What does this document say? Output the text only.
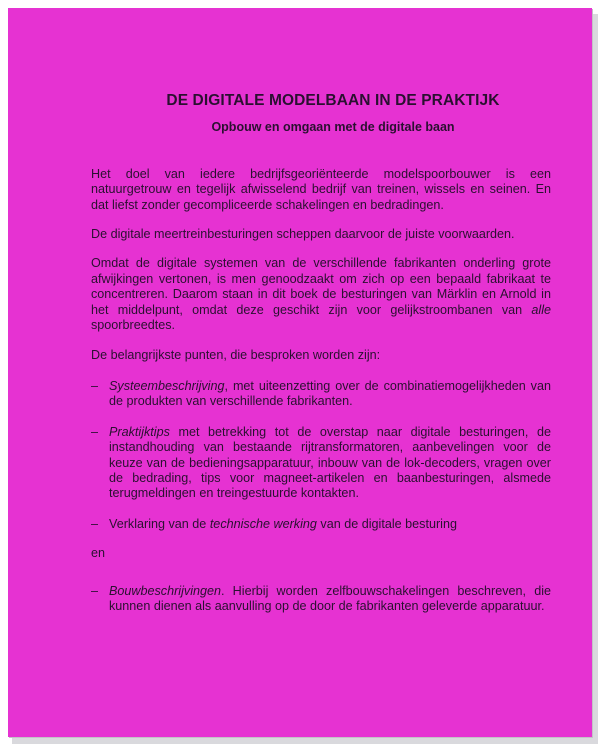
DE DIGITALE MODELBAAN IN DE PRAKTIJK
Opbouw en omgaan met de digitale baan

Het doel van iedere bedrijfsgeoriënteerde modelspoorbouwer is een natuurgetrouw en tegelijk afwisselend bedrijf van treinen, wissels en seinen. En dat liefst zonder gecompliceerde schakelingen en bedradingen.

De digitale meertreinbesturingen scheppen daarvoor de juiste voorwaarden.

Omdat de digitale systemen van de verschillende fabrikanten onderling grote afwijkingen vertonen, is men genoodzaakt om zich op een bepaald fabrikaat te concentreren. Daarom staan in dit boek de besturingen van Märklin en Arnold in het middelpunt, omdat deze geschikt zijn voor gelijkstroombanen van alle spoorbreedtes.

De belangrijkste punten, die besproken worden zijn:

– Systeembeschrijving, met uiteenzetting over de combinatiemogelijkheden van de produkten van verschillende fabrikanten.
– Praktijktips met betrekking tot de overstap naar digitale besturingen, de instandhouding van bestaande rijtransformatoren, aanbevelingen voor de keuze van de bedieningsapparatuur, inbouw van de lok-decoders, vragen over de bedrading, tips voor magneet-artikelen en baanbesturingen, alsmede terugmeldingen en treingestuurde kontakten.
– Verklaring van de technische werking van de digitale besturing

en

– Bouwbeschrijvingen. Hierbij worden zelfbouwschakelingen beschreven, die kunnen dienen als aanvulling op de door de fabrikanten geleverde apparatuur.
